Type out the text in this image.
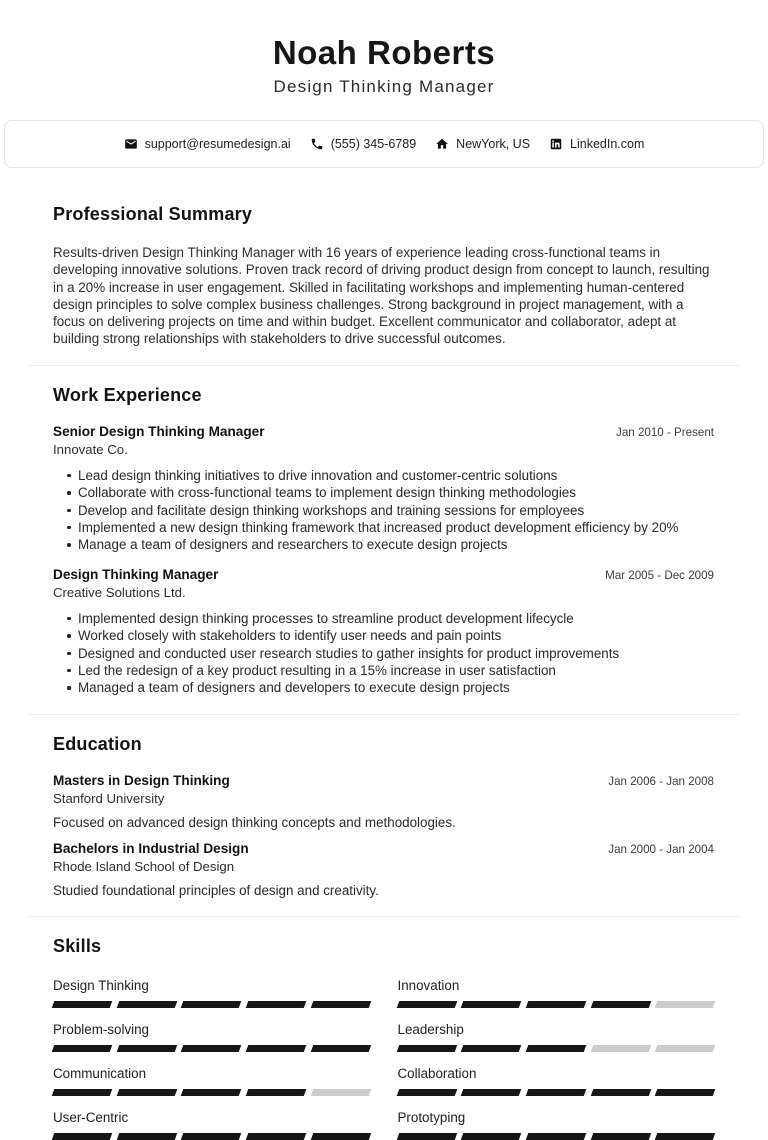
Noah Roberts
Design Thinking Manager
support@resumedesign.ai	(555) 345-6789	NewYork, US	LinkedIn.com
Professional Summary

Results-driven Design Thinking Manager with 16 years of experience leading cross-functional teams in developing innovative solutions. Proven track record of driving product design from concept to launch, resulting in a 20% increase in user engagement. Skilled in facilitating workshops and implementing human-centered design principles to solve complex business challenges. Strong background in project management, with a focus on delivering projects on time and within budget. Excellent communicator and collaborator, adept at building strong relationships with stakeholders to drive successful outcomes.

Work Experience
Senior Design Thinking Manager	Jan 2010 - Present
Innovate Co.
Lead design thinking initiatives to drive innovation and customer-centric solutions
Collaborate with cross-functional teams to implement design thinking methodologies
Develop and facilitate design thinking workshops and training sessions for employees
Implemented a new design thinking framework that increased product development efficiency by 20%
Manage a team of designers and researchers to execute design projects
Design Thinking Manager	Mar 2005 - Dec 2009
Creative Solutions Ltd.
Implemented design thinking processes to streamline product development lifecycle
Worked closely with stakeholders to identify user needs and pain points
Designed and conducted user research studies to gather insights for product improvements
Led the redesign of a key product resulting in a 15% increase in user satisfaction
Managed a team of designers and developers to execute design projects
Education
Masters in Design Thinking	Jan 2006 - Jan 2008
Stanford University
Focused on advanced design thinking concepts and methodologies.
Bachelors in Industrial Design	Jan 2000 - Jan 2004
Rhode Island School of Design
Studied foundational principles of design and creativity.
Skills
Design Thinking	Innovation
Problem-solving	Leadership
Communication	Collaboration
User-Centric	Prototyping
